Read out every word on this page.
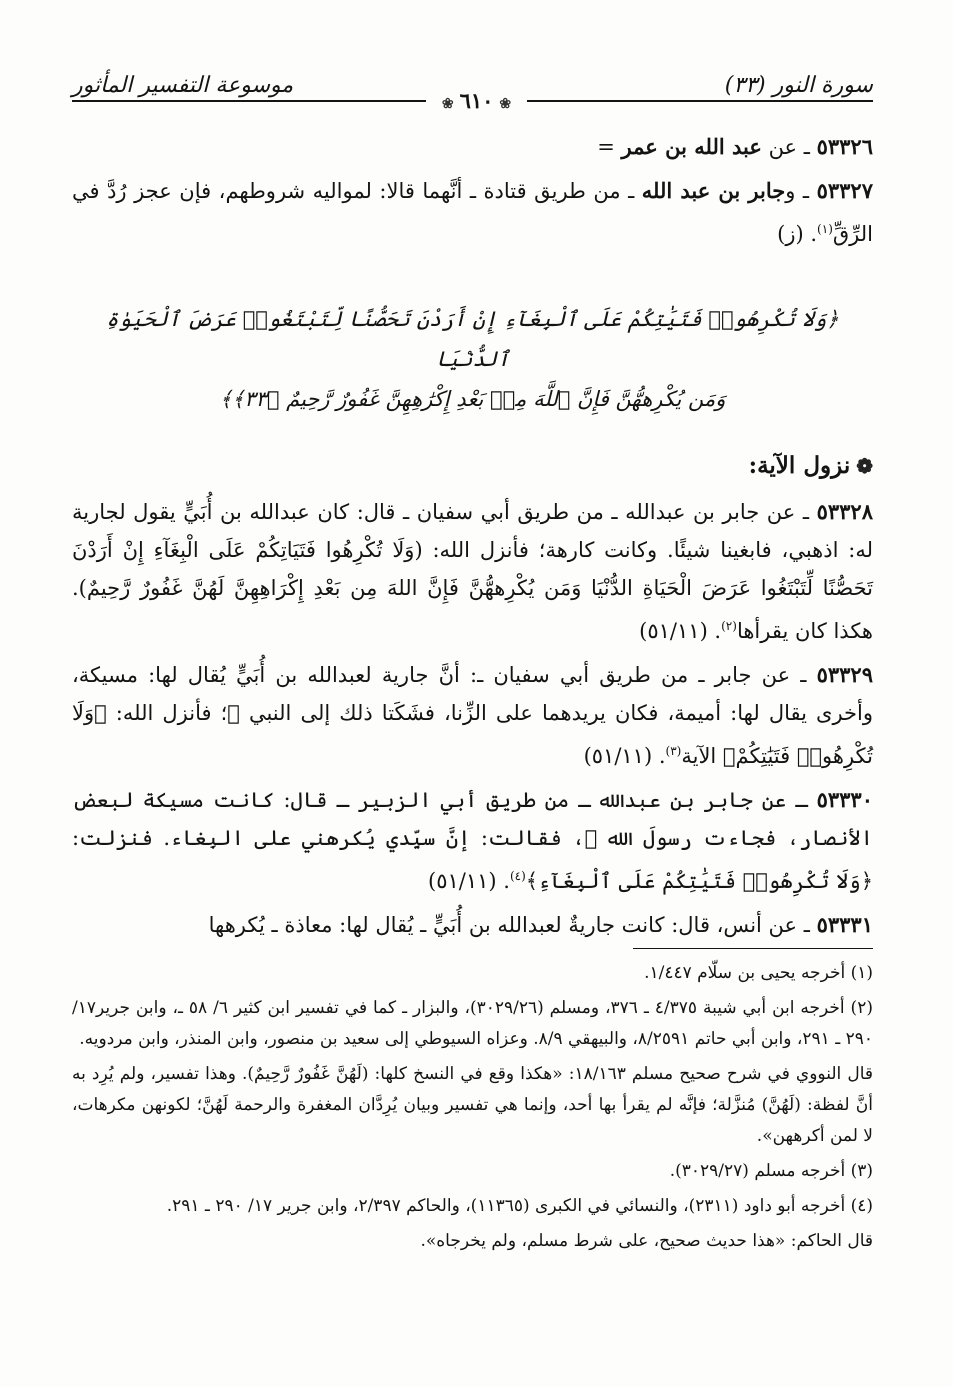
سورة النور (٣٣)
موسوعة التفسير المأثور
❀٦١٠❀

٥٣٣٢٦ ـ عن عبد الله بن عمر =

٥٣٣٢٧ ـ وجابر بن عبد الله ـ من طريق قتادة ـ أنَّهما قالا: لمواليه شروطهم، فإن عجز رُدَّ في الرِّقِّ$^{(١)}$. (ز)

﴿وَلَا تُكْرِهُوا۟ فَتَيَٰتِكُمْ عَلَى ٱلْبِغَآءِ إِنْ أَرَدْنَ تَحَصُّنًا لِّتَبْتَغُوا۟ عَرَضَ ٱلْحَيَوٰةِ ٱلدُّنْيَا
وَمَن يُكْرِههُّنَّ فَإِنَّ ٱللَّهَ مِنۢ بَعْدِ إِكْرَٰهِهِنَّ غَفُورٌ رَّحِيمٌ ﴿٣٣﴾﴾
❁نزول الآية:

٥٣٣٢٨ ـ عن جابر بن عبدالله ـ من طريق أبي سفيان ـ قال: كان عبدالله بن أُبَيٍّ يقول لجارية له: اذهبي، فابغينا شيئًا. وكانت كارهة؛ فأنزل الله: (وَلَا تُكْرِهُوا فَتَيَاتِكُمْ عَلَى الْبِغَآءِ إِنْ أَرَدْنَ تَحَصُّنًا لِّتَبْتَغُوا عَرَضَ الْحَيَاةِ الدُّنْيَا وَمَن يُكْرِههُّنَّ فَإِنَّ اللهَ مِن بَعْدِ إِكْرَاهِهِنَّ لَهُنَّ غَفُورٌ رَّحِيمٌ). هكذا كان يقرأها$^{(٢)}$. (٥١/١١)

٥٣٣٢٩ ـ عن جابر ـ من طريق أبي سفيان ـ: أنَّ جارية لعبدالله بن أُبَيٍّ يُقال لها: مسيكة، وأخرى يقال لها: أميمة، فكان يريدهما على الزِّنا، فشَكَتا ذلك إلى النبي ﷺ؛ فأنزل الله: ﴿وَلَا تُكْرِهُوا۟ فَتَيَٰتِكُمْ﴾ الآية$^{(٣)}$. (٥١/١١)

٥٣٣٣٠ ـ عن جابر بن عبدالله ـ من طريق أبي الزبير ـ قال: كانت مسيكة لبعض الأنصار، فجاءت رسولَ الله ﷺ، فقالت: إنَّ سيِّدي يُكرهني على البِغاء. فنزلت: ﴿وَلَا تُكْرِهُوا۟ فَتَيَٰتِكُمْ عَلَى ٱلْبِغَآءِ﴾$^{(٤)}$. (٥١/١١)

٥٣٣٣١ ـ عن أنس، قال: كانت جاريةٌ لعبدالله بن أُبَيٍّ ـ يُقال لها: معاذة ـ يُكرهها

(١) أخرجه يحيى بن سلّام ١/٤٤٧.

(٢) أخرجه ابن أبي شيبة ٤/٣٧٥ ـ ٣٧٦، ومسلم (٣٠٢٩/٢٦)، والبزار ـ كما في تفسير ابن كثير ٦/ ٥٨ ـ، وابن جرير١٧/ ٢٩٠ ـ ٢٩١، وابن أبي حاتم ٨/٢٥٩١، والبيهقي ٨/٩. وعزاه السيوطي إلى سعيد بن منصور، وابن المنذر، وابن مردويه.

قال النووي في شرح صحيح مسلم ١٨/١٦٣: «هكذا وقع في النسخ كلها: (لَهُنَّ غَفُورٌ رَّحِيمٌ). وهذا تفسير، ولم يُرِد به أنَّ لفظة: (لَهُنَّ) مُنزَّلة؛ فإنَّه لم يقرأ بها أحد، وإنما هي تفسير وبيان يُرِدَّان المغفرة والرحمة لَهُنَّ؛ لكونهن مكرهات، لا لمن أكرههن».

(٣) أخرجه مسلم (٣٠٢٩/٢٧).

(٤) أخرجه أبو داود (٢٣١١)، والنسائي في الكبرى (١١٣٦٥)، والحاكم ٢/٣٩٧، وابن جرير ١٧/ ٢٩٠ ـ ٢٩١.

قال الحاكم: «هذا حديث صحيح، على شرط مسلم، ولم يخرجاه».
